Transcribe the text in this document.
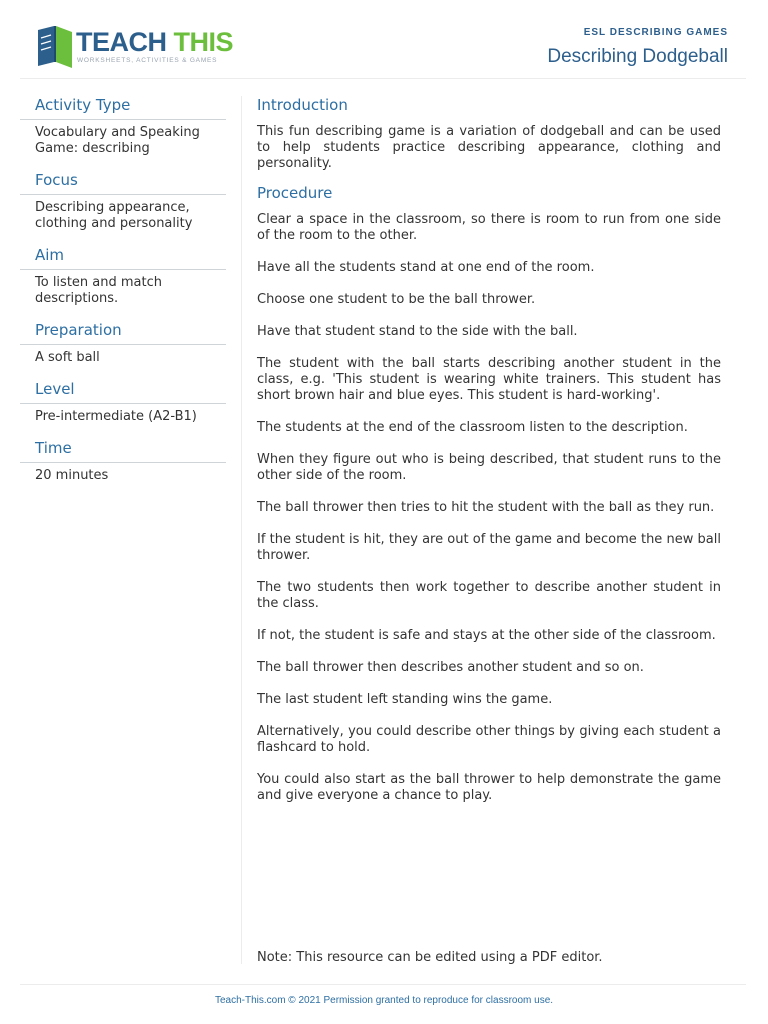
TEACH THIS
WORKSHEETS, ACTIVITIES & GAMES
ESL DESCRIBING GAMES
Describing Dodgeball
Activity Type
Vocabulary and Speaking Game: describing
Focus
Describing appearance, clothing and personality
Aim
To listen and match descriptions.
Preparation
A soft ball
Level
Pre-intermediate (A2-B1)
Time
20 minutes
Introduction

This fun describing game is a variation of dodgeball and can be used to help students practice describing appearance, clothing and personality.

Procedure

Clear a space in the classroom, so there is room to run from one side of the room to the other.

Have all the students stand at one end of the room.

Choose one student to be the ball thrower.

Have that student stand to the side with the ball.

The student with the ball starts describing another student in the class, e.g. 'This student is wearing white trainers. This student has short brown hair and blue eyes. This student is hard-working'.

The students at the end of the classroom listen to the description.

When they figure out who is being described, that student runs to the other side of the room.

The ball thrower then tries to hit the student with the ball as they run.

If the student is hit, they are out of the game and become the new ball thrower.

The two students then work together to describe another student in the class.

If not, the student is safe and stays at the other side of the classroom.

The ball thrower then describes another student and so on.

The last student left standing wins the game.

Alternatively, you could describe other things by giving each student a flashcard to hold.

You could also start as the ball thrower to help demonstrate the game and give everyone a chance to play.

Note: This resource can be edited using a PDF editor.
Teach-This.com © 2021 Permission granted to reproduce for classroom use.
